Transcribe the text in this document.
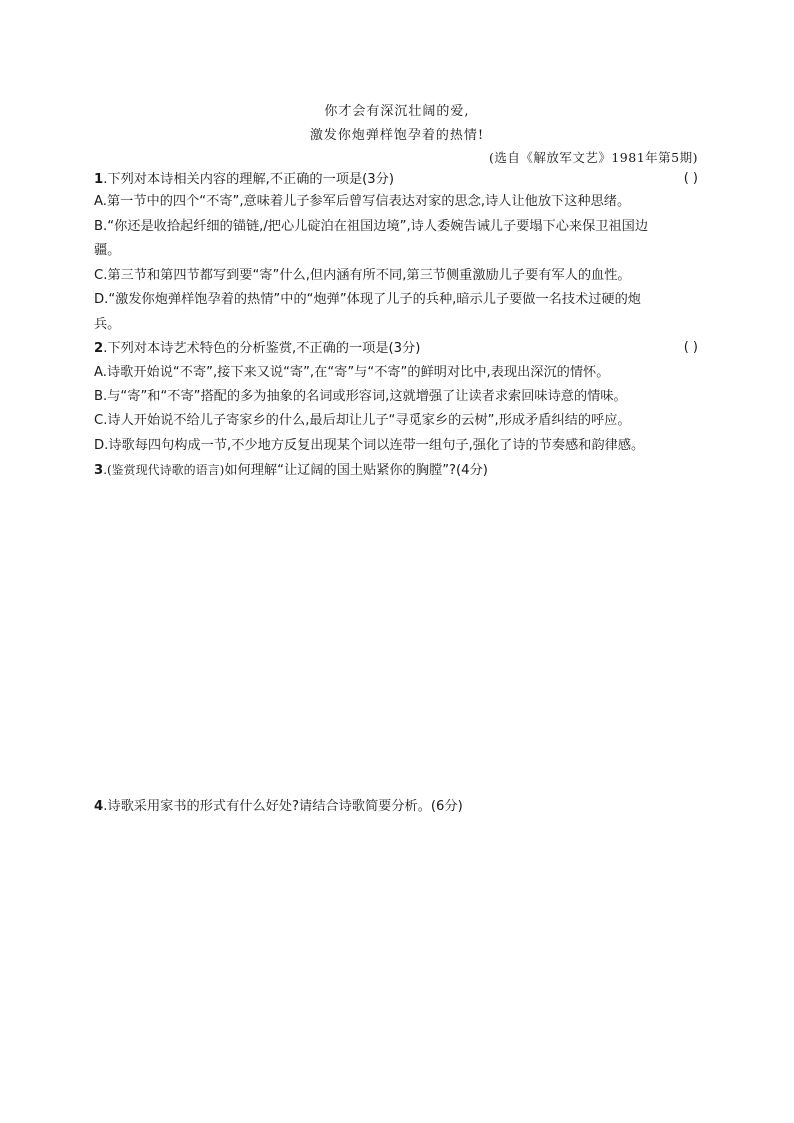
你才会有深沉壮阔的爱,
激发你炮弹样饱孕着的热情!
(选自《解放军文艺》1981年第5期)
1.下列对本诗相关内容的理解,不正确的一项是(3分)	( )
A.第一节中的四个“不寄”,意味着儿子参军后曾写信表达对家的思念,诗人让他放下这种思绪。
B.“你还是收拾起纤细的锚链,/把心儿碇泊在祖国边境”,诗人委婉告诫儿子要塌下心来保卫祖国边
疆。
C.第三节和第四节都写到要“寄”什么,但内涵有所不同,第三节侧重激励儿子要有军人的血性。
D.“激发你炮弹样饱孕着的热情”中的“炮弹”体现了儿子的兵种,暗示儿子要做一名技术过硬的炮
兵。
2.下列对本诗艺术特色的分析鉴赏,不正确的一项是(3分)	( )
A.诗歌开始说“不寄”,接下来又说“寄”,在“寄”与“不寄”的鲜明对比中,表现出深沉的情怀。
B.与“寄”和“不寄”搭配的多为抽象的名词或形容词,这就增强了让读者求索回味诗意的情味。
C.诗人开始说不给儿子寄家乡的什么,最后却让儿子“寻觅家乡的云树”,形成矛盾纠结的呼应。
D.诗歌每四句构成一节,不少地方反复出现某个词以连带一组句子,强化了诗的节奏感和韵律感。
3.(鉴赏现代诗歌的语言)如何理解“让辽阔的国土贴紧你的胸膛”?(4分)
4.诗歌采用家书的形式有什么好处?请结合诗歌简要分析。(6分)
